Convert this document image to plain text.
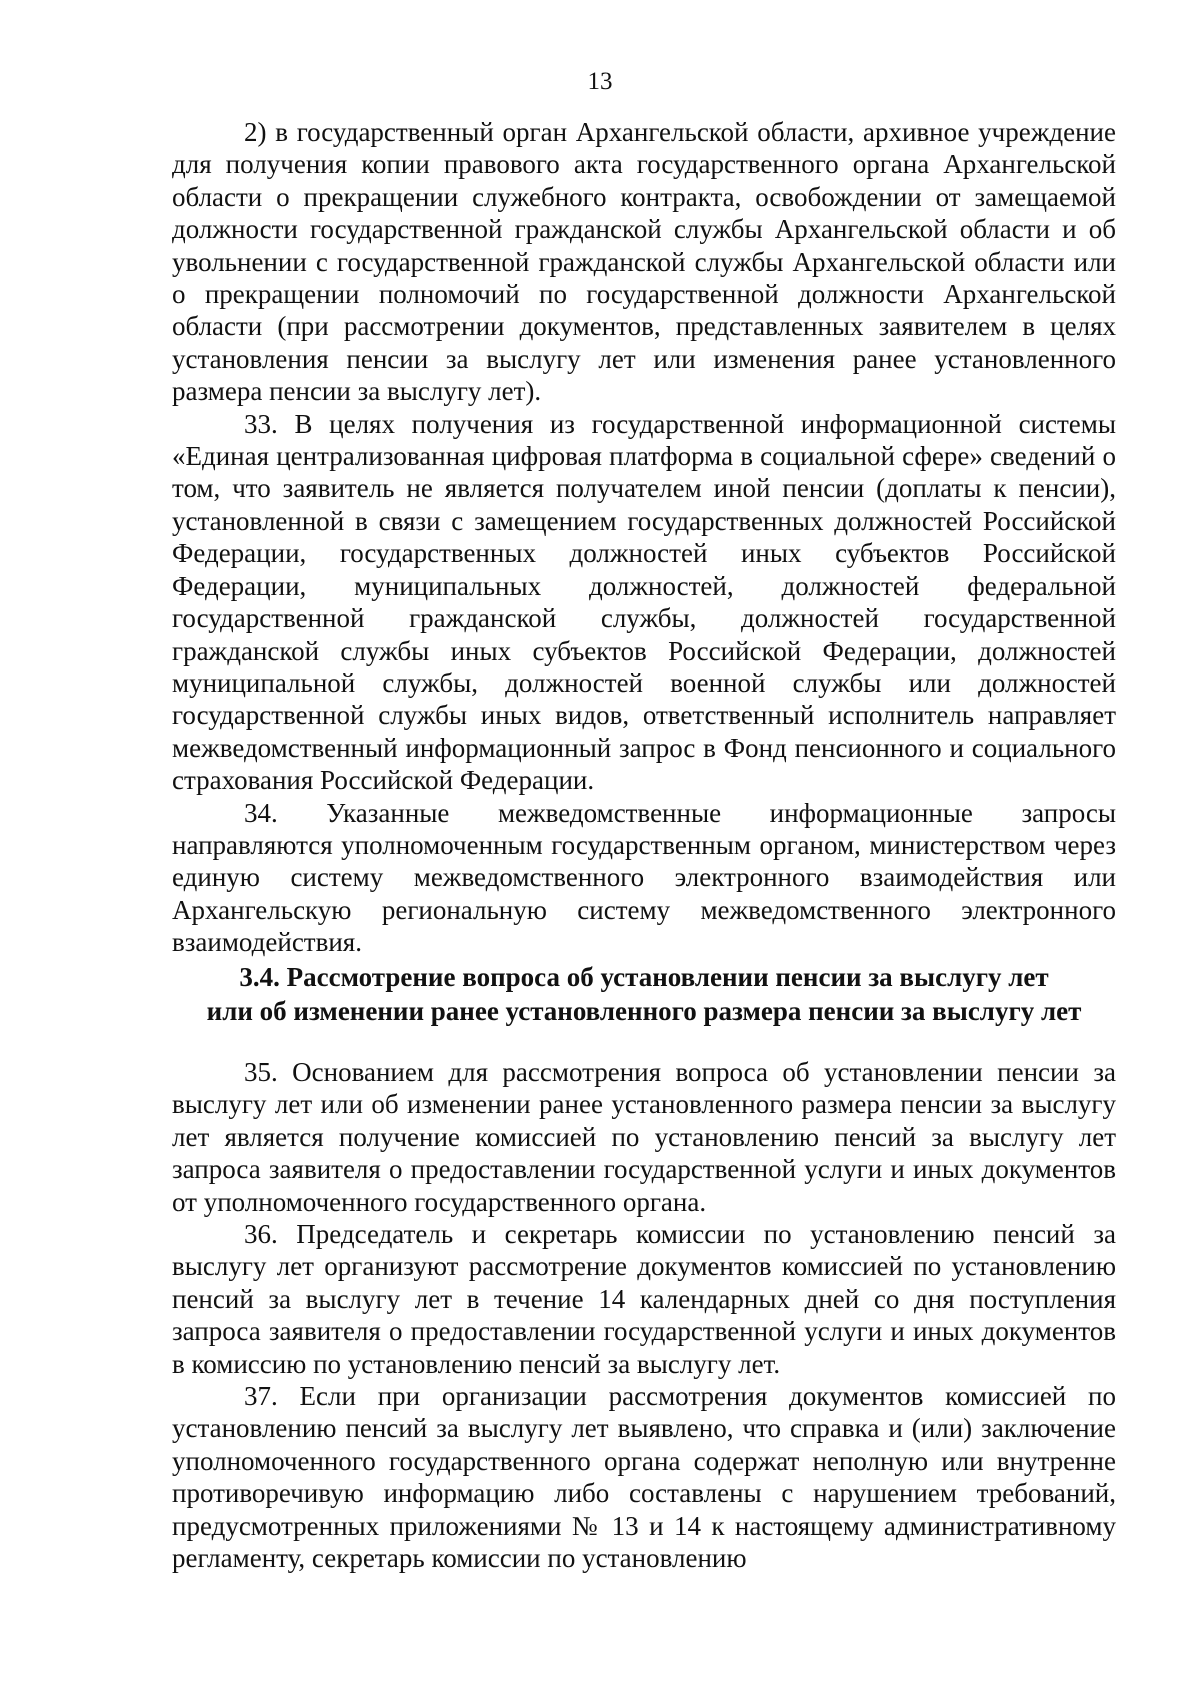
13

2) в государственный орган Архангельской области, архивное учреждение для получения копии правового акта государственного органа Архангельской области о прекращении служебного контракта, освобождении от замещаемой должности государственной гражданской службы Архангельской области и об увольнении с государственной гражданской службы Архангельской области или о прекращении полномочий по государственной должности Архангельской области (при рассмотрении документов, представленных заявителем в целях установления пенсии за выслугу лет или изменения ранее установленного размера пенсии за выслугу лет).

33. В целях получения из государственной информационной системы «Единая централизованная цифровая платформа в социальной сфере» сведений о том, что заявитель не является получателем иной пенсии (доплаты к пенсии), установленной в связи с замещением государственных должностей Российской Федерации, государственных должностей иных субъектов Российской Федерации, муниципальных должностей, должностей федеральной государственной гражданской службы, должностей государственной гражданской службы иных субъектов Российской Федерации, должностей муниципальной службы, должностей военной службы или должностей государственной службы иных видов, ответственный исполнитель направляет межведомственный информационный запрос в Фонд пенсионного и социального страхования Российской Федерации.

34. Указанные межведомственные информационные запросы направляются уполномоченным государственным органом, министерством через единую систему межведомственного электронного взаимодействия или Архангельскую региональную систему межведомственного электронного взаимодействия.

3.4. Рассмотрение вопроса об установлении пенсии за выслугу лет

или об изменении ранее установленного размера пенсии за выслугу лет

35. Основанием для рассмотрения вопроса об установлении пенсии за выслугу лет или об изменении ранее установленного размера пенсии за выслугу лет является получение комиссией по установлению пенсий за выслугу лет запроса заявителя о предоставлении государственной услуги и иных документов от уполномоченного государственного органа.

36. Председатель и секретарь комиссии по установлению пенсий за выслугу лет организуют рассмотрение документов комиссией по установлению пенсий за выслугу лет в течение 14 календарных дней со дня поступления запроса заявителя о предоставлении государственной услуги и иных документов в комиссию по установлению пенсий за выслугу лет.

37. Если при организации рассмотрения документов комиссией по установлению пенсий за выслугу лет выявлено, что справка и (или) заключение уполномоченного государственного органа содержат неполную или внутренне противоречивую информацию либо составлены с нарушением требований, предусмотренных приложениями № 13 и 14 к настоящему административному регламенту, секретарь комиссии по установлению
